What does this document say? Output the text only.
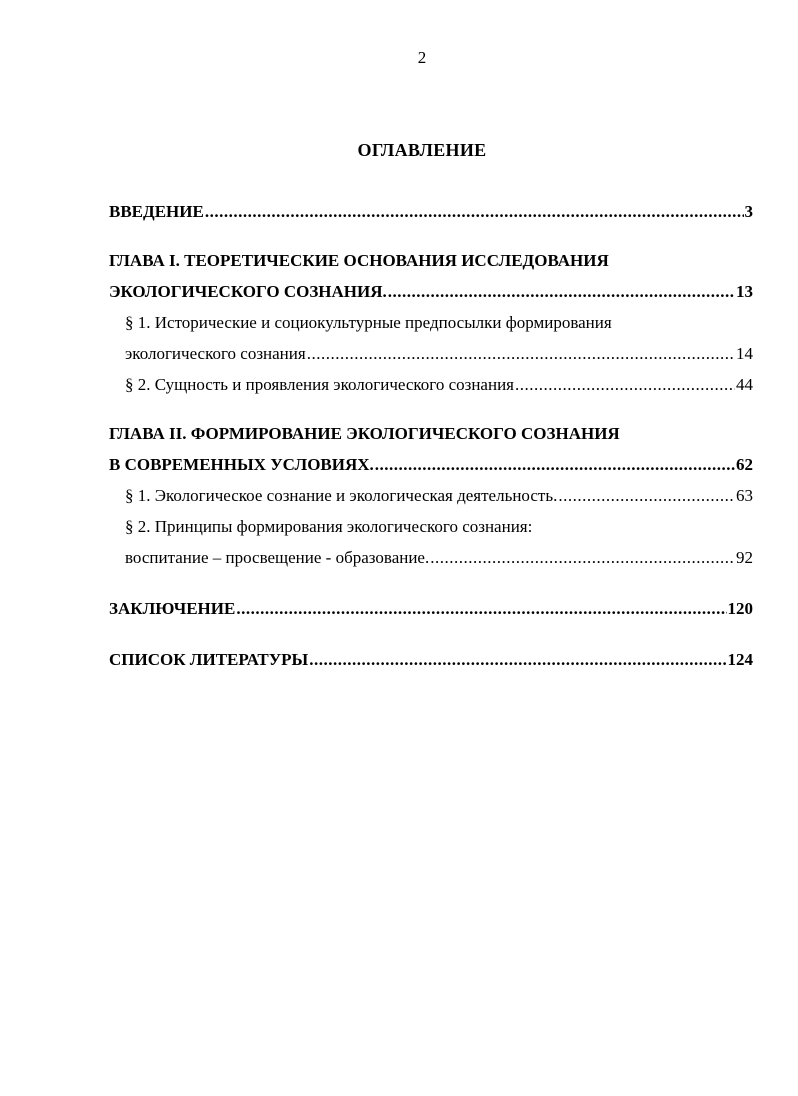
2
ОГЛАВЛЕНИЕ
ВВЕДЕНИЕ .....	3
ГЛАВА I. ТЕОРЕТИЧЕСКИЕ ОСНОВАНИЯ ИССЛЕДОВАНИЯ
ЭКОЛОГИЧЕСКОГО СОЗНАНИЯ. .....	13
§ 1. Исторические и социокультурные предпосылки формирования
экологического сознания .....	14
§ 2. Сущность и проявления экологического сознания .....	44
ГЛАВА II. ФОРМИРОВАНИЕ ЭКОЛОГИЧЕСКОГО СОЗНАНИЯ
В СОВРЕМЕННЫХ УСЛОВИЯХ. .....	62
§ 1. Экологическое сознание и экологическая деятельность. .....	63
§ 2. Принципы формирования экологического сознания:
воспитание – просвещение - образование. .....	92
ЗАКЛЮЧЕНИЕ .....	120
СПИСОК ЛИТЕРАТУРЫ .....	124
